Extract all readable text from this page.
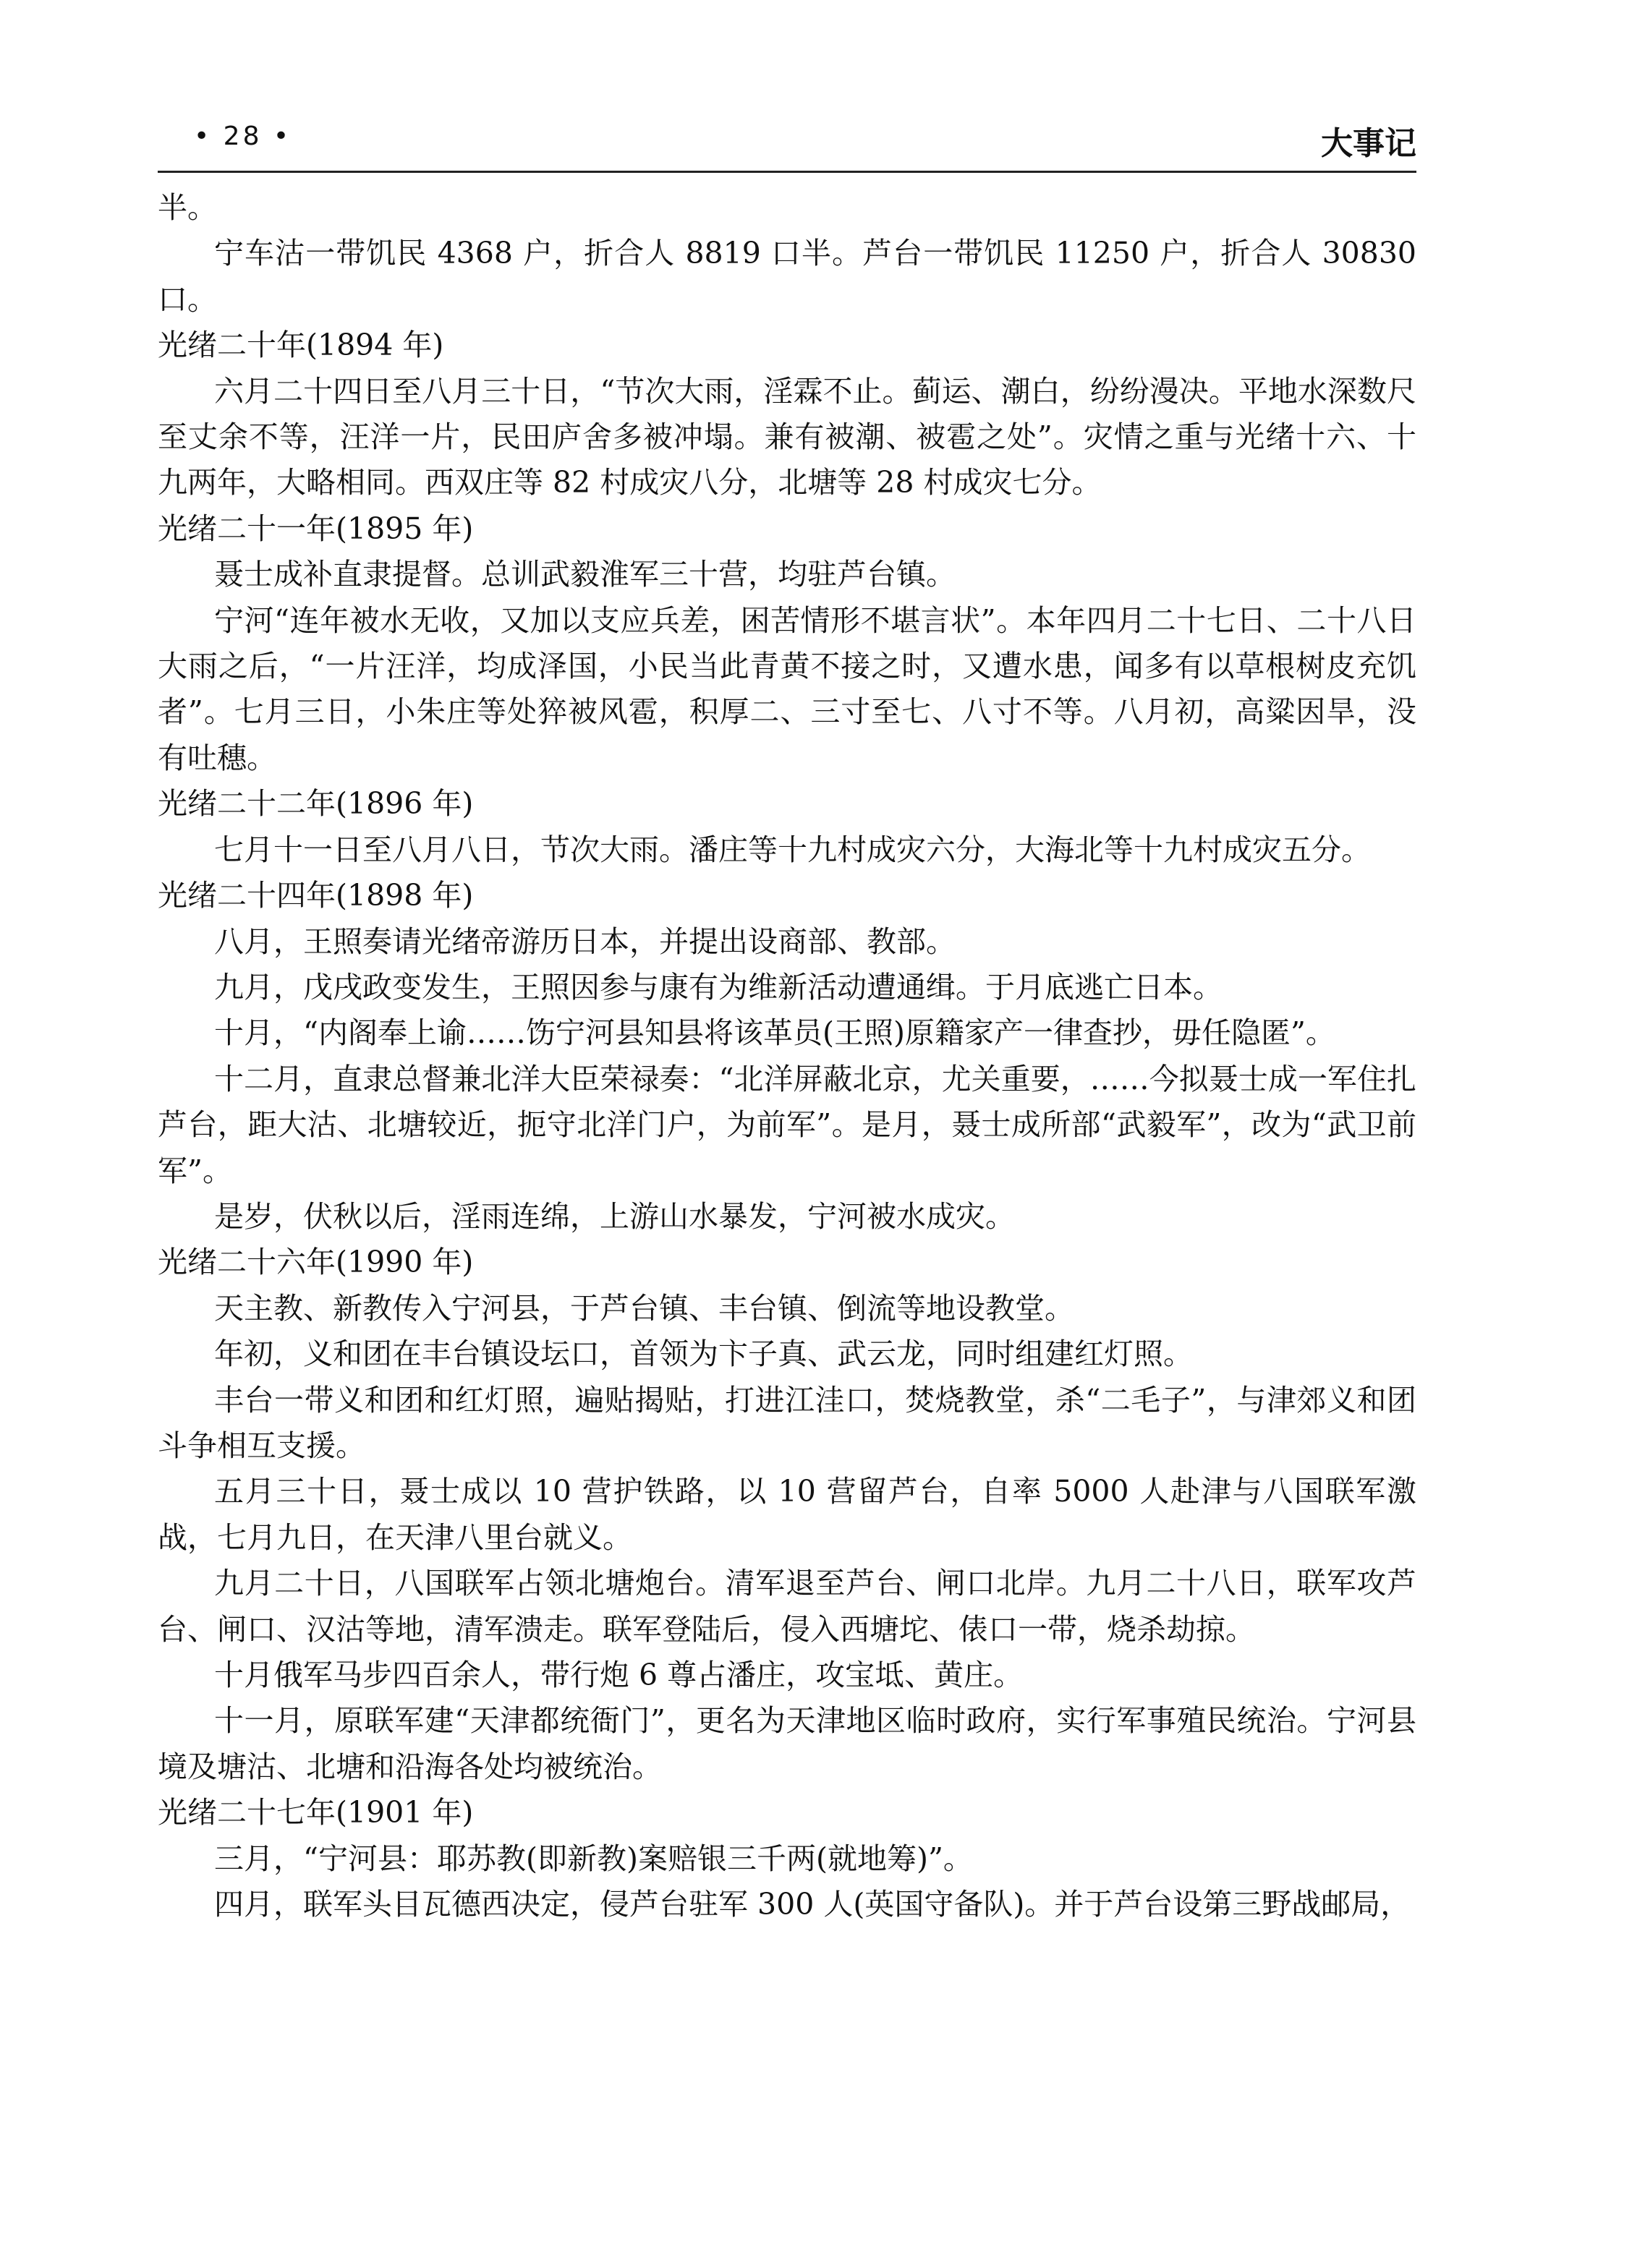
• 28 •	大事记

半。

宁车沽一带饥民 4368 户，折合人 8819 口半。芦台一带饥民 11250 户，折合人 30830 口。

光绪二十年(1894 年)

六月二十四日至八月三十日，“节次大雨，淫霖不止。蓟运、潮白，纷纷漫决。平地水深数尺至丈余不等，汪洋一片，民田庐舍多被冲塌。兼有被潮、被雹之处”。灾情之重与光绪十六、十九两年，大略相同。西双庄等 82 村成灾八分，北塘等 28 村成灾七分。

光绪二十一年(1895 年)

聂士成补直隶提督。总训武毅淮军三十营，均驻芦台镇。

宁河“连年被水无收，又加以支应兵差，困苦情形不堪言状”。本年四月二十七日、二十八日大雨之后，“一片汪洋，均成泽国，小民当此青黄不接之时，又遭水患，闻多有以草根树皮充饥者”。七月三日，小朱庄等处猝被风雹，积厚二、三寸至七、八寸不等。八月初，高粱因旱，没有吐穗。

光绪二十二年(1896 年)

七月十一日至八月八日，节次大雨。潘庄等十九村成灾六分，大海北等十九村成灾五分。

光绪二十四年(1898 年)

八月，王照奏请光绪帝游历日本，并提出设商部、教部。

九月，戊戌政变发生，王照因参与康有为维新活动遭通缉。于月底逃亡日本。

十月，“内阁奉上谕……饬宁河县知县将该革员(王照)原籍家产一律查抄，毋任隐匿”。

十二月，直隶总督兼北洋大臣荣禄奏：“北洋屏蔽北京，尤关重要，……今拟聂士成一军住扎芦台，距大沽、北塘较近，扼守北洋门户，为前军”。是月，聂士成所部“武毅军”，改为“武卫前军”。

是岁，伏秋以后，淫雨连绵，上游山水暴发，宁河被水成灾。

光绪二十六年(1990 年)

天主教、新教传入宁河县，于芦台镇、丰台镇、倒流等地设教堂。

年初，义和团在丰台镇设坛口，首领为卞子真、武云龙，同时组建红灯照。

丰台一带义和团和红灯照，遍贴揭贴，打进江洼口，焚烧教堂，杀“二毛子”，与津郊义和团斗争相互支援。

五月三十日，聂士成以 10 营护铁路，以 10 营留芦台，自率 5000 人赴津与八国联军激战，七月九日，在天津八里台就义。

九月二十日，八国联军占领北塘炮台。清军退至芦台、闸口北岸。九月二十八日，联军攻芦台、闸口、汉沽等地，清军溃走。联军登陆后，侵入西塘坨、俵口一带，烧杀劫掠。

十月俄军马步四百余人，带行炮 6 尊占潘庄，攻宝坻、黄庄。

十一月，原联军建“天津都统衙门”，更名为天津地区临时政府，实行军事殖民统治。宁河县境及塘沽、北塘和沿海各处均被统治。

光绪二十七年(1901 年)

三月，“宁河县：耶苏教(即新教)案赔银三千两(就地筹)”。

四月，联军头目瓦德西决定，侵芦台驻军 300 人(英国守备队)。并于芦台设第三野战邮局，
